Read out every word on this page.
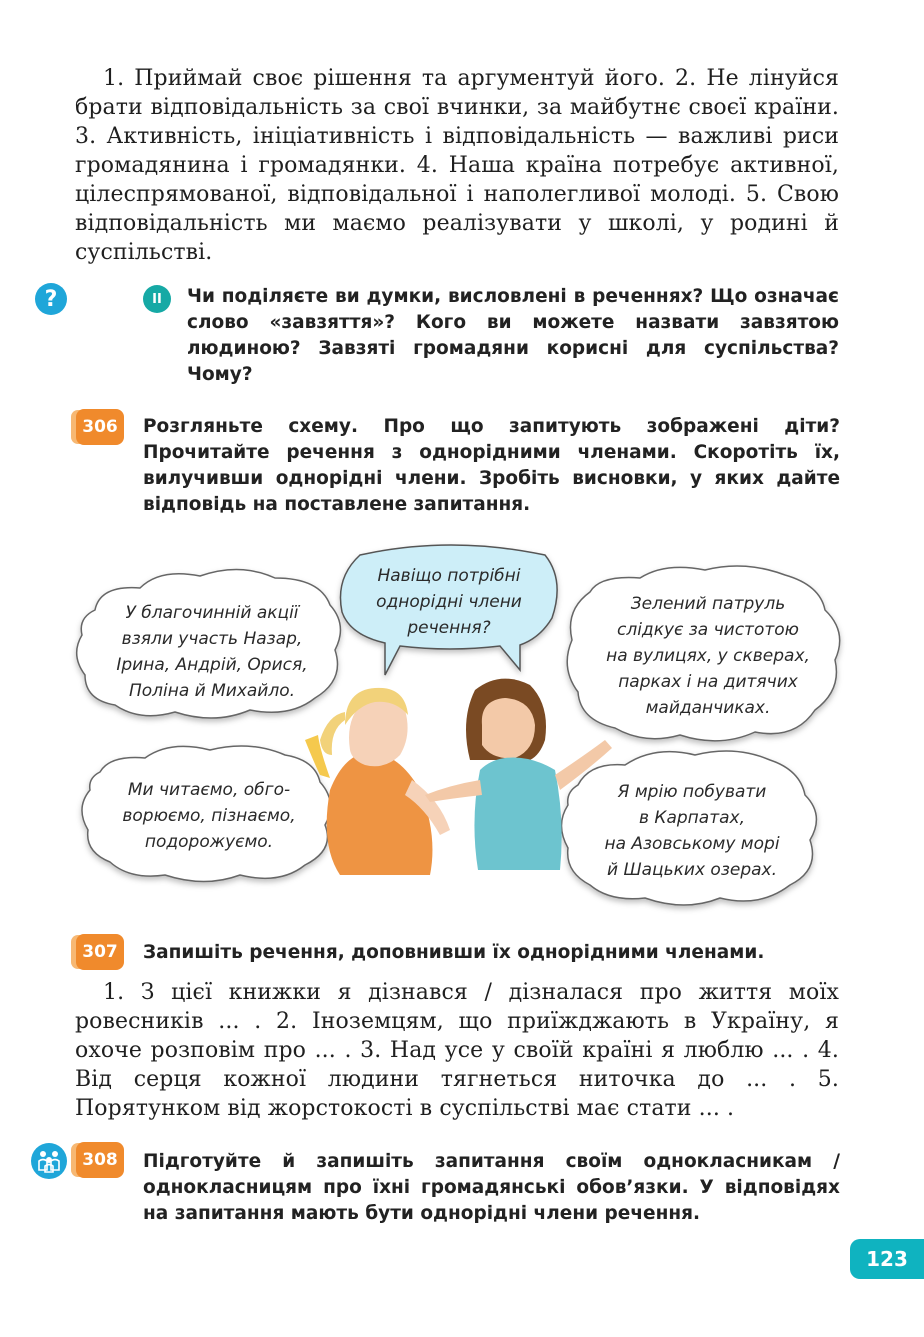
1. Приймай своє рішення та аргументуй його. 2. Не лінуйся брати відповідальність за свої вчинки, за майбутнє своєї країни. 3. Активність, ініціативність і відповідальність — важливі риси громадянина і громадянки. 4. Наша країна потребує активної, цілеспрямованої, відповідальної і наполегливої молоді. 5. Свою відповідальність ми маємо реалізувати у школі, у родині й суспільстві.

?	II	Чи поділяєте ви думки, висловлені в реченнях? Що означає слово «завзяття»? Кого ви можете назвати завзятою людиною? Завзяті громадяни корисні для суспільства? Чому?
306	Розгляньте схему. Про що запитують зображені діти? Прочитайте речення з однорідними членами. Скоротіть їх, вилучивши однорідні члени. Зробіть висновки, у яких дайте відповідь на поставлене запитання.
Навіщо потрібні
однорідні члени
речення?
У благочинній акції
взяли участь Назар,
Ірина, Андрій, Орися,
Поліна й Михайло.
Зелений патруль
слідкує за чистотою
на вулицях, у скверах,
парках і на дитячих
майданчиках.
Ми читаємо, обго-
ворюємо, пізнаємо,
подорожуємо.
Я мрію побувати
в Карпатах,
на Азовському морі
й Шацьких озерах.
307	Запишіть речення, доповнивши їх однорідними членами.

1. З цієї книжки я дізнався / дізналася про життя моїх ровесників ... . 2. Іноземцям, що приїжджають в Україну, я охоче розповім про ... . 3. Над усе у своїй країні я люблю ... . 4. Від серця кожної людини тягнеться ниточка до ... . 5. Порятунком від жорстокості в суспільстві має стати ... .

308	Підготуйте й запишіть запитання своїм однокласникам / однокласницям про їхні громадянські обов’язки. У відповідях на запитання мають бути однорідні члени речення.
123
